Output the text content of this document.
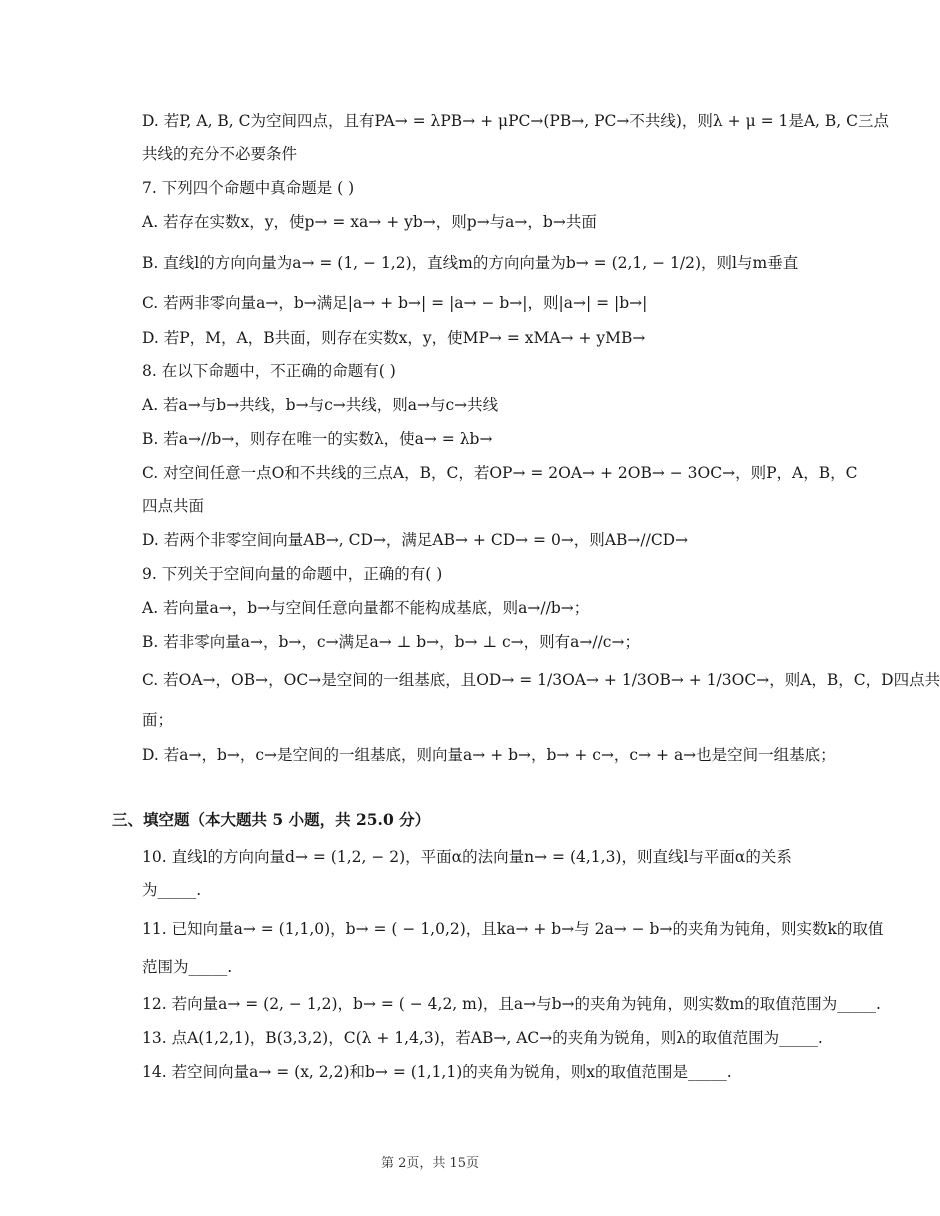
D. 若P, A, B, C为空间四点，且有PA→ = λPB→ + μPC→(PB→, PC→不共线)，则λ + μ = 1是A, B, C三点
共线的充分不必要条件
7. 下列四个命题中真命题是 ( )
A. 若存在实数x，y，使p→ = xa→ + yb→，则p→与a→，b→共面
B. 直线l的方向向量为a→ = (1, − 1,2)，直线m的方向向量为b→ = (2,1, − 1/2)，则l与m垂直
C. 若两非零向量a→，b→满足|a→ + b→| = |a→ − b→|，则|a→| = |b→|
D. 若P，M，A，B共面，则存在实数x，y，使MP→ = xMA→ + yMB→
8. 在以下命题中，不正确的命题有( )
A. 若a→与b→共线，b→与c→共线，则a→与c→共线
B. 若a→//b→，则存在唯一的实数λ，使a→ = λb→
C. 对空间任意一点O和不共线的三点A，B，C，若OP→ = 2OA→ + 2OB→ − 3OC→，则P，A，B，C
四点共面
D. 若两个非零空间向量AB→, CD→，满足AB→ + CD→ = 0→，则AB→//CD→
9. 下列关于空间向量的命题中，正确的有( )
A. 若向量a→，b→与空间任意向量都不能构成基底，则a→//b→；
B. 若非零向量a→，b→，c→满足a→ ⊥ b→，b→ ⊥ c→，则有a→//c→；
C. 若OA→，OB→，OC→是空间的一组基底，且OD→ = 1/3OA→ + 1/3OB→ + 1/3OC→，则A，B，C，D四点共
面；
D. 若a→，b→，c→是空间的一组基底，则向量a→ + b→，b→ + c→，c→ + a→也是空间一组基底；
三、填空题（本大题共 5 小题，共 25.0 分）
10. 直线l的方向向量d→ = (1,2, − 2)，平面α的法向量n→ = (4,1,3)，则直线l与平面α的关系
为_____.
11. 已知向量a→ = (1,1,0)，b→ = ( − 1,0,2)，且ka→ + b→与 2a→ − b→的夹角为钝角，则实数k的取值
范围为_____.
12. 若向量a→ = (2, − 1,2)，b→ = ( − 4,2, m)，且a→与b→的夹角为钝角，则实数m的取值范围为_____.
13. 点A(1,2,1)，B(3,3,2)，C(λ + 1,4,3)，若AB→, AC→的夹角为锐角，则λ的取值范围为_____.
14. 若空间向量a→ = (x, 2,2)和b→ = (1,1,1)的夹角为锐角，则x的取值范围是_____.
第 2页，共 15页
